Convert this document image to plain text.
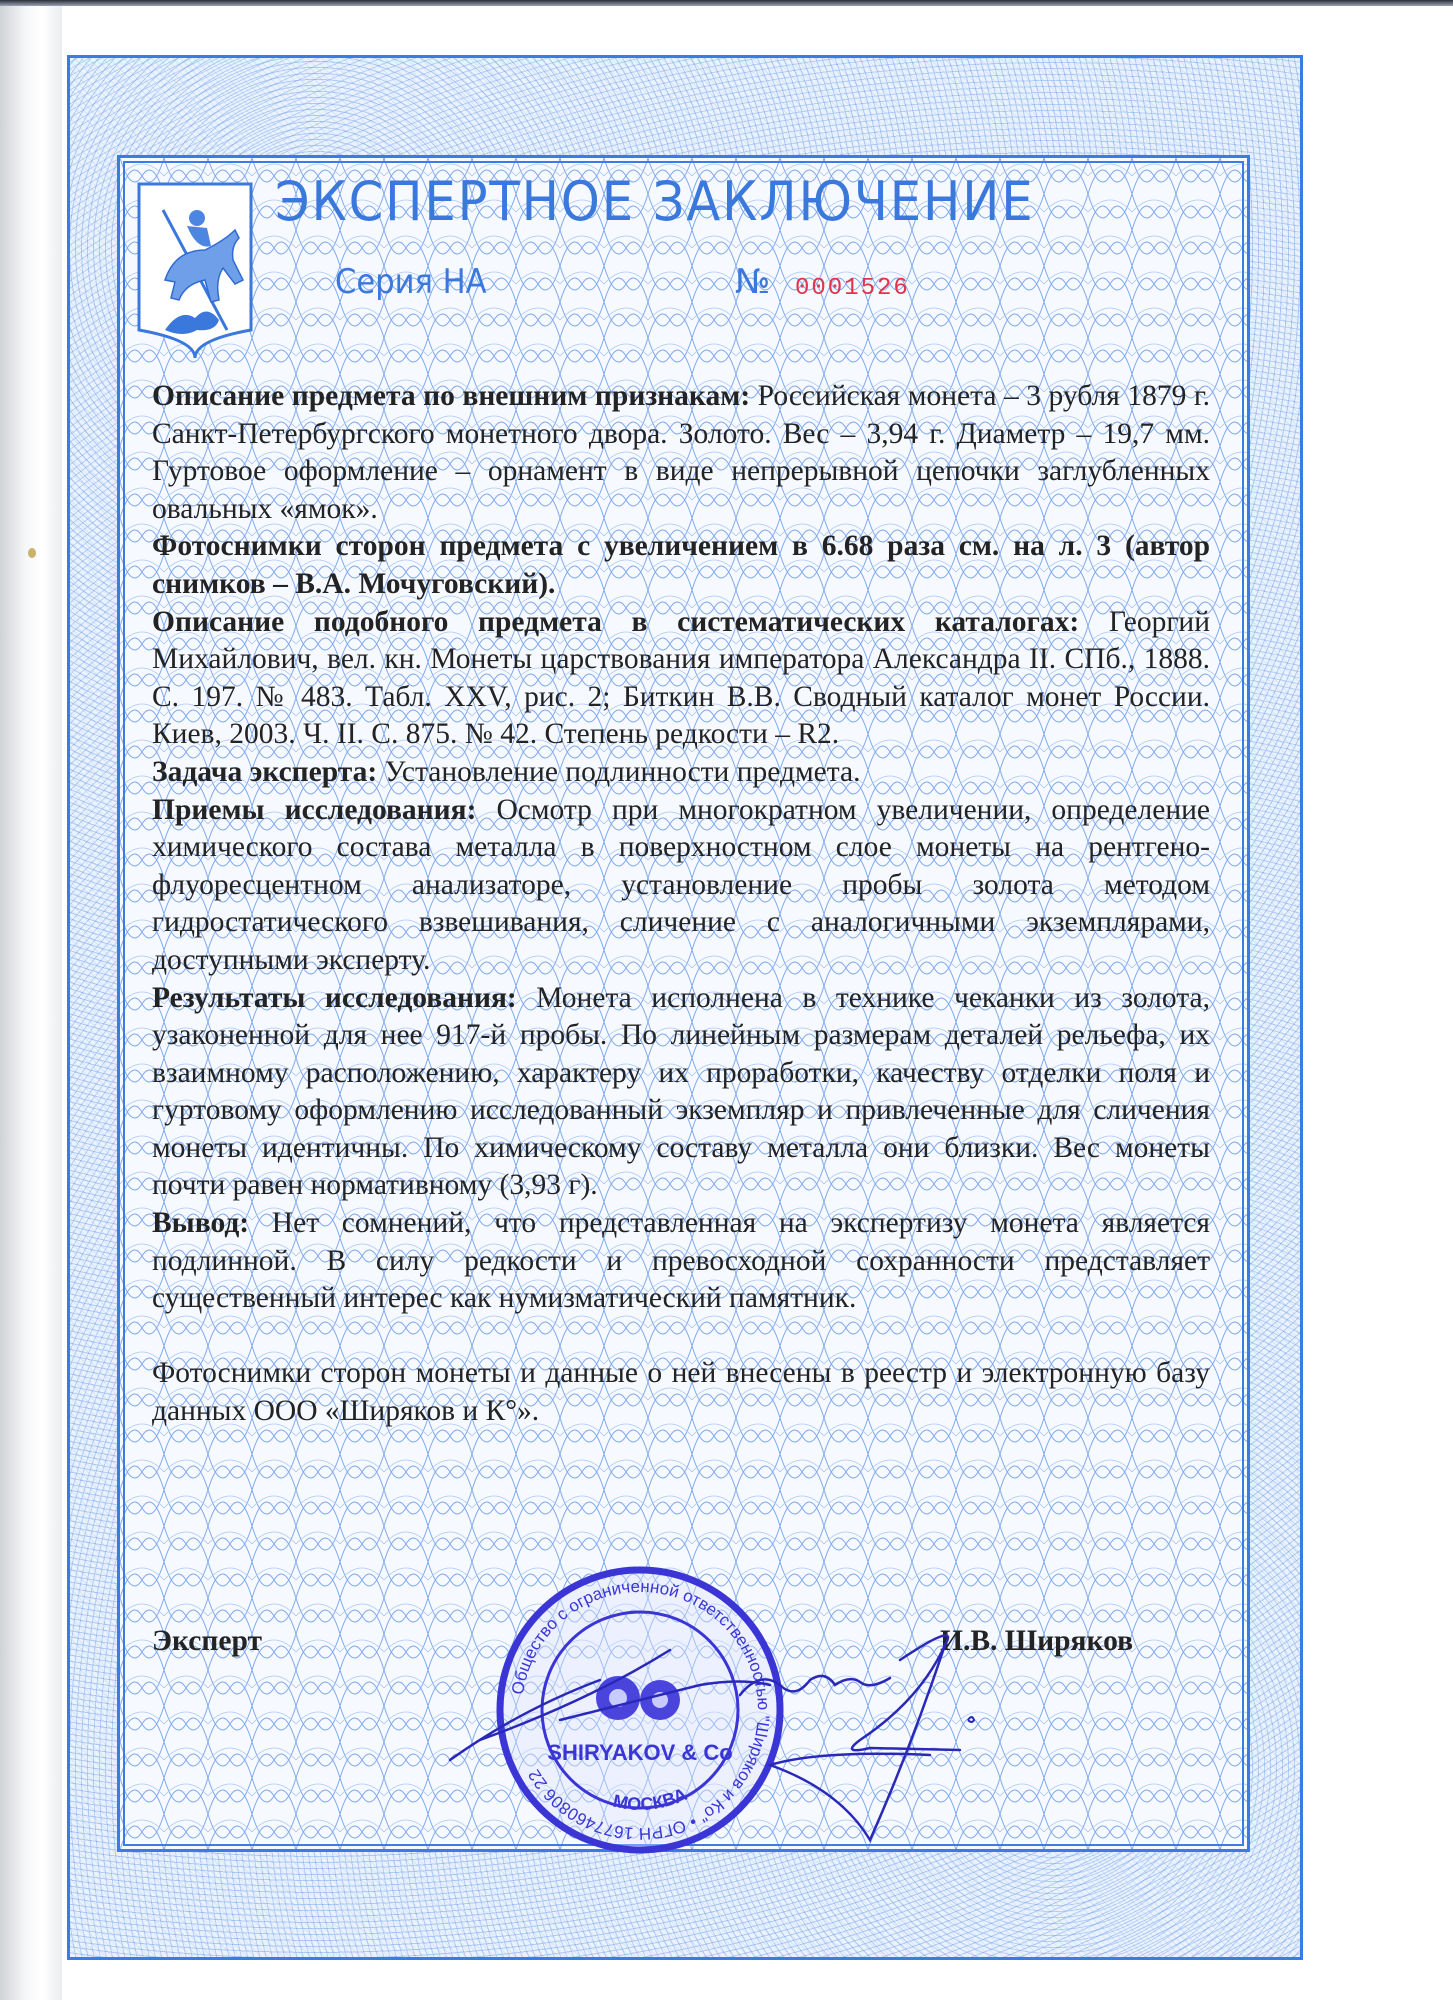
ЭКСПЕРТНОЕ ЗАКЛЮЧЕНИЕ
Серия НА	№ 0001526

Описание предмета по внешним признакам: Российская монета – 3 рубля 1879 г. Санкт-Петербургского монетного двора. Золото. Вес – 3,94 г. Диаметр – 19,7 мм. Гуртовое оформление – орнамент в виде непрерывной цепочки заглубленных овальных «ямок».

Фотоснимки сторон предмета с увеличением в 6.68 раза см. на л. 3 (автор снимков – В.А. Мочуговский).

Описание подобного предмета в систематических каталогах: Георгий Михайлович, вел. кн. Монеты царствования императора Александра II. СПб., 1888. С. 197. № 483. Табл. XXV, рис. 2; Биткин В.В. Сводный каталог монет России. Киев, 2003. Ч. II. С. 875. № 42. Степень редкости – R2.

Задача эксперта: Установление подлинности предмета.

Приемы исследования: Осмотр при многократном увеличении, определение химического состава металла в поверхностном слое монеты на рентгено-флуоресцентном анализаторе, установление пробы золота методом гидростатического взвешивания, сличение с аналогичными экземплярами, доступными эксперту.

Результаты исследования: Монета исполнена в технике чеканки из золота, узаконенной для нее 917-й пробы. По линейным размерам деталей рельефа, их взаимному расположению, характеру их проработки, качеству отделки поля и гуртовому оформлению исследованный экземпляр и привлеченные для сличения монеты идентичны. По химическому составу металла они близки. Вес монеты почти равен нормативному (3,93 г).

Вывод: Нет сомнений, что представленная на экспертизу монета является подлинной. В силу редкости и превосходной сохранности представляет существенный интерес как нумизматический памятник.

Фотоснимки сторон монеты и данные о ней внесены в реестр и электронную базу данных ООО «Ширяков и К°».

Эксперт	И.В. Ширяков
Общество с ограниченной ответственностью "Ширяков и Ко" • ОГРН 1677460806 22
МОСКВА
SHIRYAKOV & Co
